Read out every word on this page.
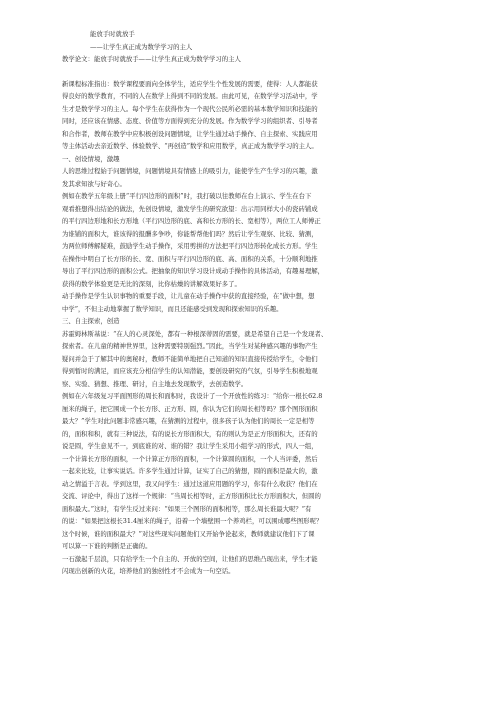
能放手时就放手
——让学生真正成为数学学习的主人
教学论文：能放手时就放手——让学生真正成为数学学习的主人
新课程标准指出：数学课程要面向全体学生，适应学生个性发展的需要，使得：人人都能获
得良好的数学教育，不同的人在数学上得到不同的发展。由此可见，在数学学习活动中，学
生才是数学学习的主人。每个学生在获得作为一个现代公民所必需的基本数学知识和技能的
同时，还应该在情感、态度、价值等方面得到充分的发展。作为数学学习的组织者、引导者
和合作者，教师在教学中应积极创设问题情境，让学生通过动手操作、自主探索、实践应用
等主体活动去亲近数学、体验数学、“再创造”数学和应用数学，真正成为数学学习的主人。
一、创设情境，激趣
人的思维过程始于问题情境，问题情境具有情感上的吸引力，能使学生产生学习的兴趣，激
发其求知欲与好奇心。
例如在教学五年级上册“平行四边形的面积”时，我打破以往教师在台上演示、学生在台下
观看推想得出结论的做法，先创设情境，激发学生的研究欲望：出示用同样大小的瓷砖铺成
的平行四边形地和长方形地（平行四边形的底、高和长方形的长、宽相等），两位工人师傅正
为谁铺的面积大，谁该得的报酬多争吵，你能帮帮他们吗？然后让学生观察、比较、猜测，
为两位师傅解疑难，鼓励学生动手操作，采用剪拼的方法把平行四边形转化成长方形。学生
在操作中明白了长方形的长、宽、面积与平行四边形的底、高、面积的关系，十分顺利地推
导出了平行四边形的面积公式。把抽象的知识学习设计成动手操作的具体活动，有趣易理解，
获得的数学体验更是无比的深刻，比你枯燥的讲解效果好多了。
动手操作是学生认识事物的重要手段，让儿童在动手操作中获的直接经验，在“做中想，想
中学”，不但主动地掌握了数学知识，而且还能感受到发现和探索知识的乐趣。
三、自主探索，创造
苏霍姆林斯基说：“在人的心灵深处，都有一种根深蒂固的需要，就是希望自己是一个发现者、
探索者。在儿童的精神世界里，这种需要特别强烈。”因此，当学生对某种感兴趣的事物产生
疑问并急于了解其中的奥秘时，教师不能简单地把自己知道的知识直接传授给学生，令他们
得到暂时的满足，而应该充分相信学生的认知潜能，要创设研究的气氛，引导学生积极地观
察、实验、猜想、推理、研讨，自主地去发现数学，去创造数学。
例如在六年级复习平面图形的周长和面积时，我设计了一个开放性的练习：“给你一根长62.8
厘米的绳子，把它围成一个长方形、正方形、圆，你认为它们的周长相等吗？那个图形面积
最大？”学生对此问题非常感兴趣，在猜测的过程中，很多孩子认为他们的周长一定是相等
的，面积和积，就有三种说法，有的说长方形面积大，有的则认为是正方形面积大，还有的
说是圆，学生意见不一，到底谁的对、谁的错？我让学生采用小组学习的形式，四人一组，
一个计算长方形的面积，一个计算正方形的面积，一个计算圆的面积，一个人当评委，然后
一起来比较，让事实说话。许多学生通过计算，证实了自己的猜想，圆的面积是最大的，激
动之情溢于言表。学到这里，我又问学生：通过这道应用题的学习，你有什么收获？他们在
交流、评论中，得出了这样一个规律：“当周长相等时，正方形面积比长方形面积大，但圆的
面积最大。”这时，有学生反过来问：“如果三个图形的面积相等，那么周长谁最大呢？”有
的说：“如果把这根长31.4厘米的绳子，沿着一个墙壁围一个养鸡栏，可以围成哪些图形呢？
这个时候，谁的面积最大？”对这些现实问题他们又开始争论起来，教师就建议他们下了课
可以算一下谁的判断是正确的。
一石激起千层浪，只有给学生一个自主的、开放的空间，让他们的思维凸现出来，学生才能
闪现出创新的火花，培养他们的独创性才不会成为一句空话。
